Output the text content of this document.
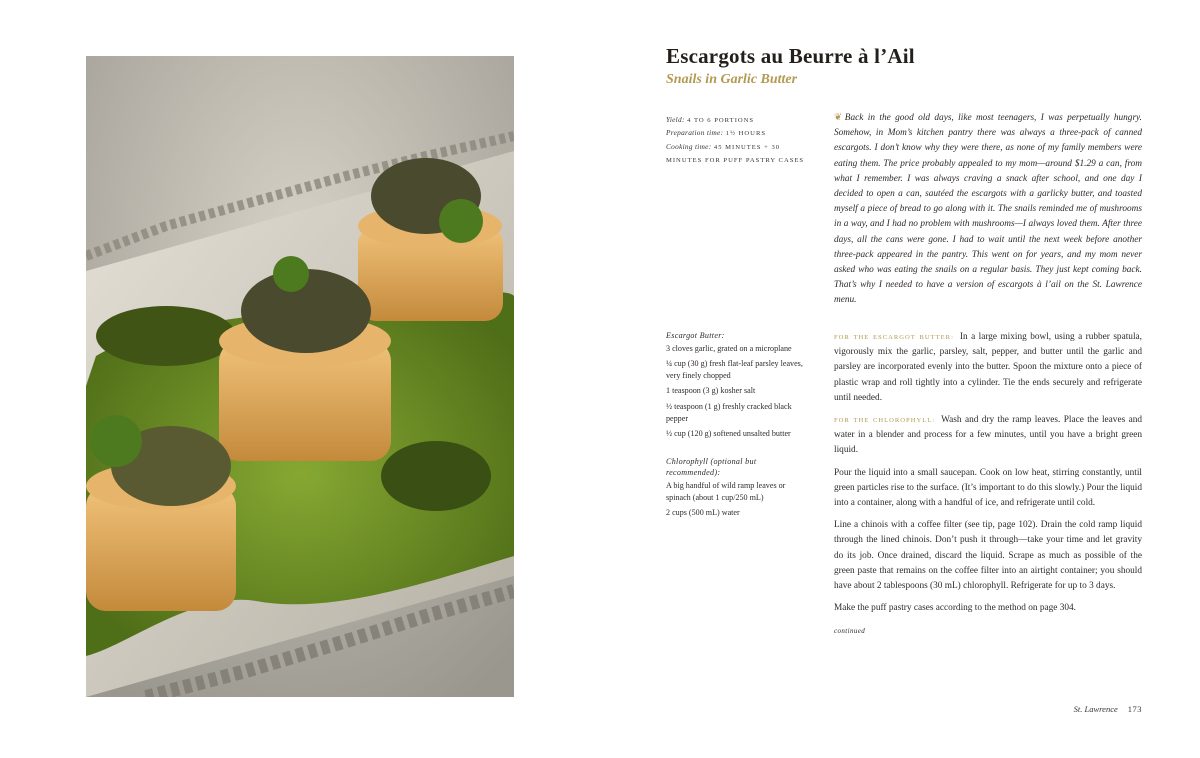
Escargots au Beurre à l’Ail
Snails in Garlic Butter
Yield: 4 TO 6 PORTIONS
Preparation time: 1½ HOURS
Cooking time: 45 MINUTES + 30 MINUTES FOR PUFF PASTRY CASES

❦ Back in the good old days, like most teenagers, I was perpetually hungry. Somehow, in Mom’s kitchen pantry there was always a three-pack of canned escargots. I don’t know why they were there, as none of my family members were eating them. The price probably appealed to my mom—around $1.29 a can, from what I remember. I was always craving a snack after school, and one day I decided to open a can, sautéed the escargots with a garlicky butter, and toasted myself a piece of bread to go along with it. The snails reminded me of mushrooms in a way, and I had no problem with mushrooms—I always loved them. After three days, all the cans were gone. I had to wait until the next week before another three-pack appeared in the pantry. This went on for years, and my mom never asked who was eating the snails on a regular basis. They just kept coming back. That’s why I needed to have a version of escargots à l’ail on the St. Lawrence menu.

Escargot Butter:

3 cloves garlic, grated on a microplane

¼ cup (30 g) fresh flat-leaf parsley leaves, very finely chopped

1 teaspoon (3 g) kosher salt

½ teaspoon (1 g) freshly cracked black pepper

½ cup (120 g) softened unsalted butter

Chlorophyll (optional but recommended):

A big handful of wild ramp leaves or spinach (about 1 cup/250 mL)

2 cups (500 mL) water

FOR THE ESCARGOT BUTTER: In a large mixing bowl, using a rubber spatula, vigorously mix the garlic, parsley, salt, pepper, and butter until the garlic and parsley are incorporated evenly into the butter. Spoon the mixture onto a piece of plastic wrap and roll tightly into a cylinder. Tie the ends securely and refrigerate until needed.

FOR THE CHLOROPHYLL: Wash and dry the ramp leaves. Place the leaves and water in a blender and process for a few minutes, until you have a bright green liquid.

Pour the liquid into a small saucepan. Cook on low heat, stirring constantly, until green particles rise to the surface. (It’s important to do this slowly.) Pour the liquid into a container, along with a handful of ice, and refrigerate until cold.

Line a chinois with a coffee filter (see tip, page 102). Drain the cold ramp liquid through the lined chinois. Don’t push it through—take your time and let gravity do its job. Once drained, discard the liquid. Scrape as much as possible of the green paste that remains on the coffee filter into an airtight container; you should have about 2 tablespoons (30 mL) chlorophyll. Refrigerate for up to 3 days.

Make the puff pastry cases according to the method on page 304.

continued
St. Lawrence 173
